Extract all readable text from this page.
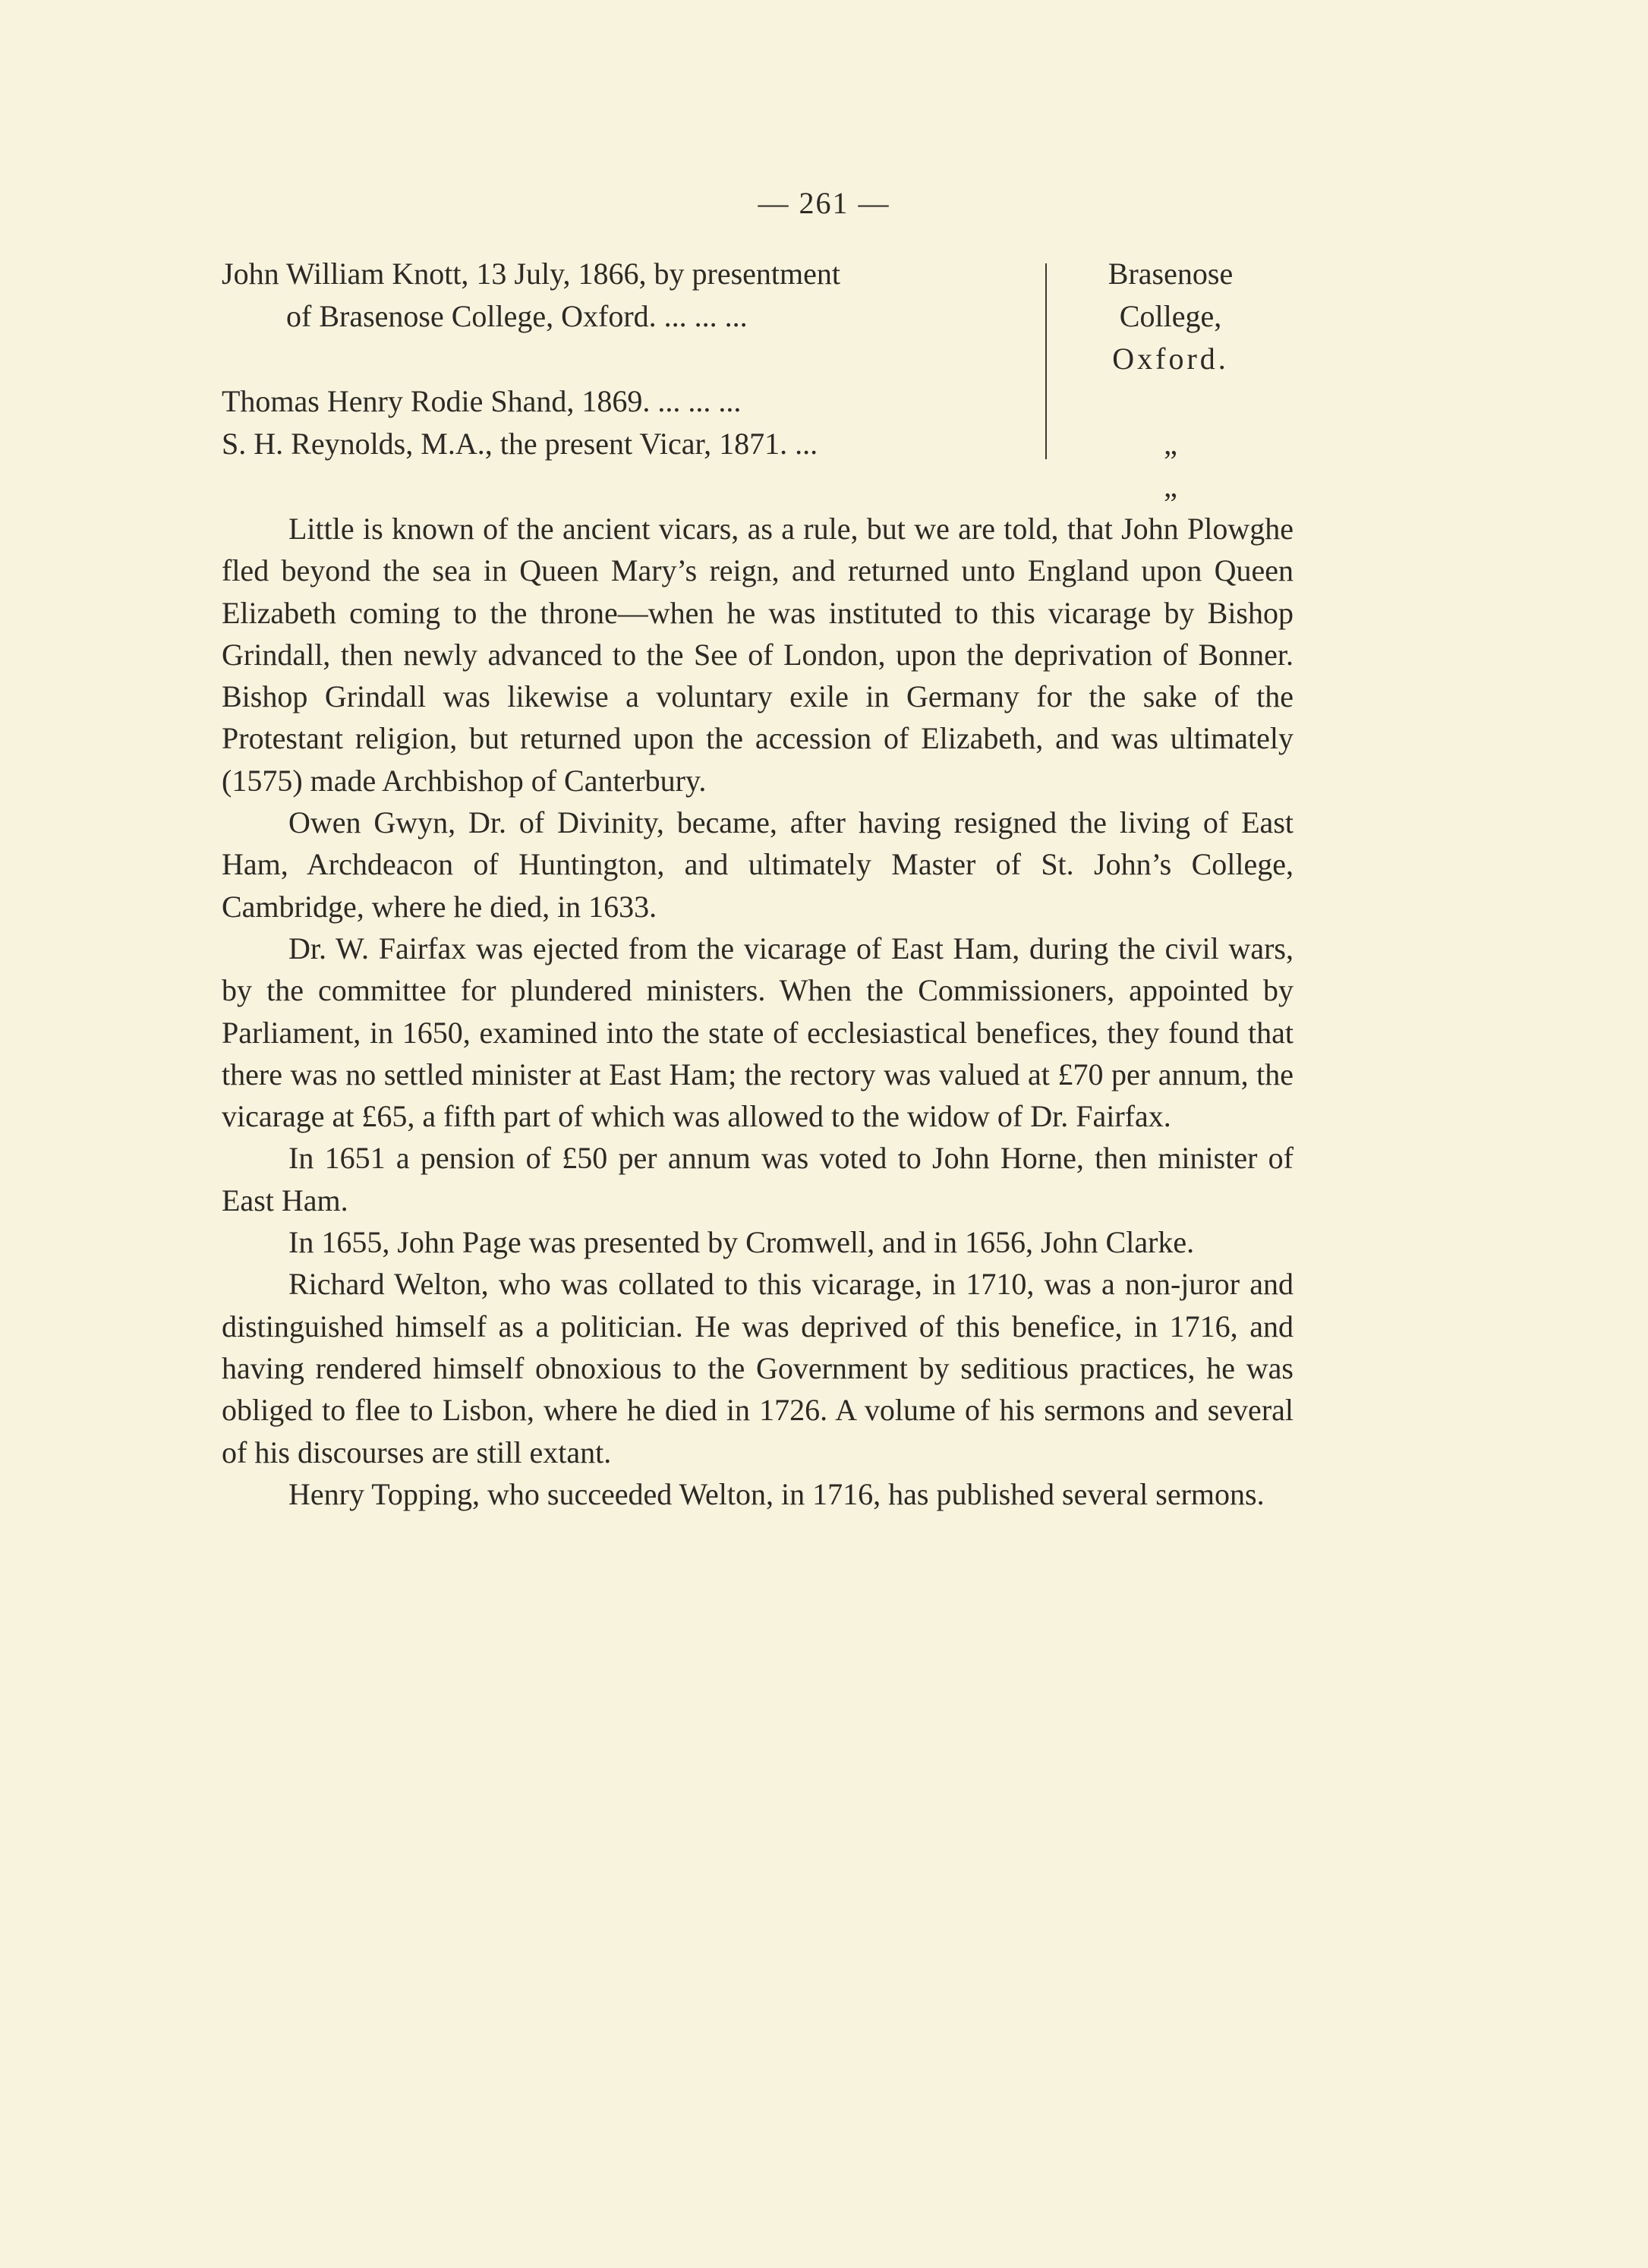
— 261 —
John William Knott, 13 July, 1866, by presentment
of Brasenose College, Oxford. ... ... ...
Thomas Henry Rodie Shand, 1869. ... ... ...
S. H. Reynolds, M.A., the present Vicar, 1871. ...
Brasenose
College,
Oxford.
„
„

Little is known of the ancient vicars, as a rule, but we are told, that John Plowghe fled beyond the sea in Queen Mary’s reign, and returned unto England upon Queen Elizabeth coming to the throne—when he was instituted to this vicarage by Bishop Grindall, then newly advanced to the See of London, upon the deprivation of Bonner. Bishop Grindall was likewise a voluntary exile in Germany for the sake of the Protestant religion, but returned upon the accession of Elizabeth, and was ultimately (1575) made Archbishop of Canterbury.

Owen Gwyn, Dr. of Divinity, became, after having resigned the living of East Ham, Archdeacon of Huntington, and ultimately Master of St. John’s College, Cambridge, where he died, in 1633.

Dr. W. Fairfax was ejected from the vicarage of East Ham, during the civil wars, by the committee for plundered ministers. When the Commissioners, appointed by Parliament, in 1650, examined into the state of ecclesiastical benefices, they found that there was no settled minister at East Ham; the rectory was valued at £70 per annum, the vicarage at £65, a fifth part of which was allowed to the widow of Dr. Fairfax.

In 1651 a pension of £50 per annum was voted to John Horne, then minister of East Ham.

In 1655, John Page was presented by Cromwell, and in 1656, John Clarke.

Richard Welton, who was collated to this vicarage, in 1710, was a non-juror and distinguished himself as a politician. He was deprived of this benefice, in 1716, and having rendered himself obnoxious to the Government by seditious practices, he was obliged to flee to Lisbon, where he died in 1726. A volume of his sermons and several of his discourses are still extant.

Henry Topping, who succeeded Welton, in 1716, has published several sermons.
